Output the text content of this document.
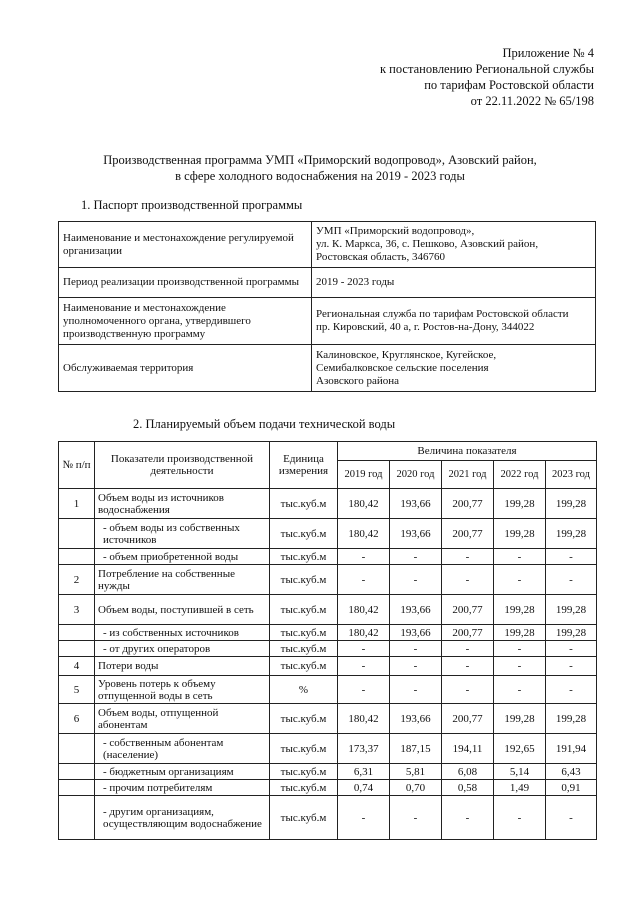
Приложение № 4
к постановлению Региональной службы
по тарифам Ростовской области
от 22.11.2022 № 65/198
Производственная программа УМП «Приморский водопровод», Азовский район,
в сфере холодного водоснабжения на 2019 - 2023 годы
1. Паспорт производственной программы
Наименование и местонахождение регулируемой организации	УМП «Приморский водопровод»,
ул. К. Маркса, 36, с. Пешково, Азовский район,
Ростовская область, 346760

Период реализации производственной программы	2019 - 2023 годы

Наименование и местонахождение уполномоченного органа, утвердившего производственную программу	Региональная служба по тарифам Ростовской области
пр. Кировский, 40 а, г. Ростов-на-Дону, 344022

Обслуживаемая территория	Калиновское, Круглянское, Кугейское,
Семибалковское сельские поселения
Азовского района
2. Планируемый объем подачи технической воды
№ п/п	Показатели производственной деятельности	Единица измерения	Величина показателя				
			2019 год	2020 год	2021 год	2022 год	2023 год
1	Объем воды из источников водоснабжения	тыс.куб.м	180,42	193,66	200,77	199,28	199,28
	- объем воды из собственных источников	тыс.куб.м	180,42	193,66	200,77	199,28	199,28
	- объем приобретенной воды	тыс.куб.м	-	-	-	-	-
2	Потребление на собственные нужды	тыс.куб.м	-	-	-	-	-
3	Объем воды, поступившей в сеть	тыс.куб.м	180,42	193,66	200,77	199,28	199,28
	- из собственных источников	тыс.куб.м	180,42	193,66	200,77	199,28	199,28
	- от других операторов	тыс.куб.м	-	-	-	-	-
4	Потери воды	тыс.куб.м	-	-	-	-	-
5	Уровень потерь к объему отпущенной воды в сеть	%	-	-	-	-	-
6	Объем воды, отпущенной абонентам	тыс.куб.м	180,42	193,66	200,77	199,28	199,28
	- собственным абонентам (население)	тыс.куб.м	173,37	187,15	194,11	192,65	191,94
	- бюджетным организациям	тыс.куб.м	6,31	5,81	6,08	5,14	6,43
	- прочим потребителям	тыс.куб.м	0,74	0,70	0,58	1,49	0,91
	- другим организациям, осуществляющим водоснабжение	тыс.куб.м	-	-	-	-	-
